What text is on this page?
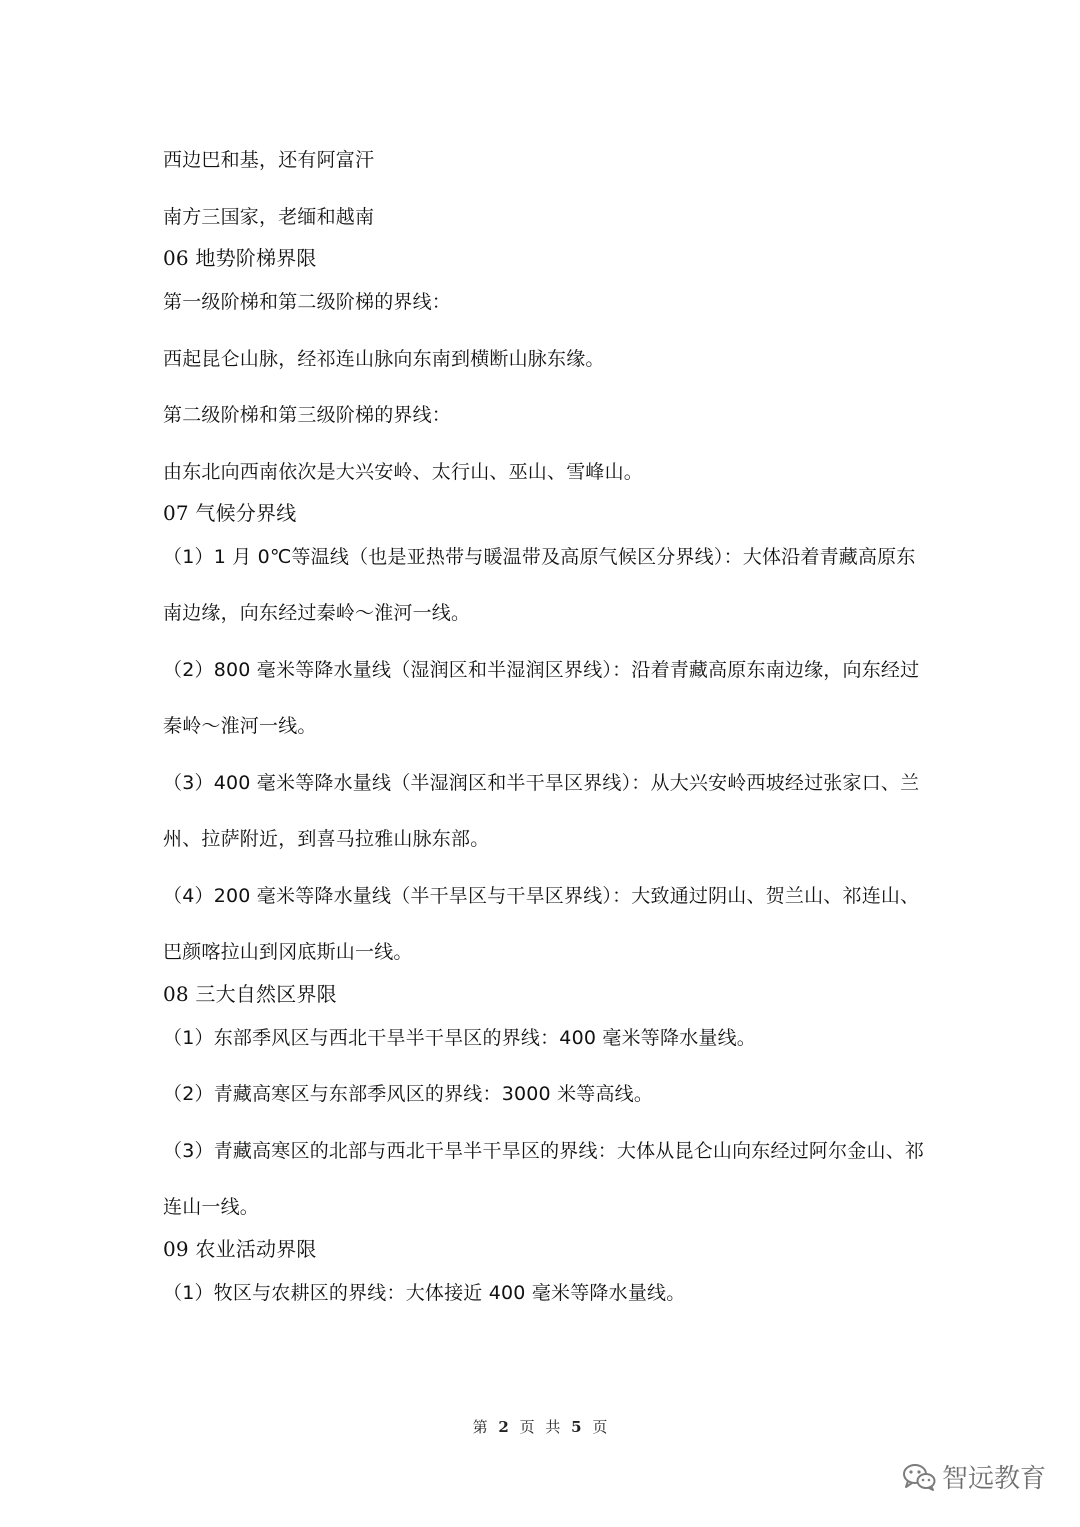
西边巴和基，还有阿富汗
南方三国家，老缅和越南
06 地势阶梯界限
第一级阶梯和第二级阶梯的界线：
西起昆仑山脉，经祁连山脉向东南到横断山脉东缘。
第二级阶梯和第三级阶梯的界线：
由东北向西南依次是大兴安岭、太行山、巫山、雪峰山。
07 气候分界线
（1）1 月 0℃等温线（也是亚热带与暖温带及高原气候区分界线）：大体沿着青藏高原东
南边缘，向东经过秦岭～淮河一线。
（2）800 毫米等降水量线（湿润区和半湿润区界线）：沿着青藏高原东南边缘，向东经过
秦岭～淮河一线。
（3）400 毫米等降水量线（半湿润区和半干旱区界线）：从大兴安岭西坡经过张家口、兰
州、拉萨附近，到喜马拉雅山脉东部。
（4）200 毫米等降水量线（半干旱区与干旱区界线）：大致通过阴山、贺兰山、祁连山、
巴颜喀拉山到冈底斯山一线。
08 三大自然区界限
（1）东部季风区与西北干旱半干旱区的界线：400 毫米等降水量线。
（2）青藏高寒区与东部季风区的界线：3000 米等高线。
（3）青藏高寒区的北部与西北干旱半干旱区的界线：大体从昆仑山向东经过阿尔金山、祁
连山一线。
09 农业活动界限
（1）牧区与农耕区的界线：大体接近 400 毫米等降水量线。
第 2 页 共 5 页
智远教育
